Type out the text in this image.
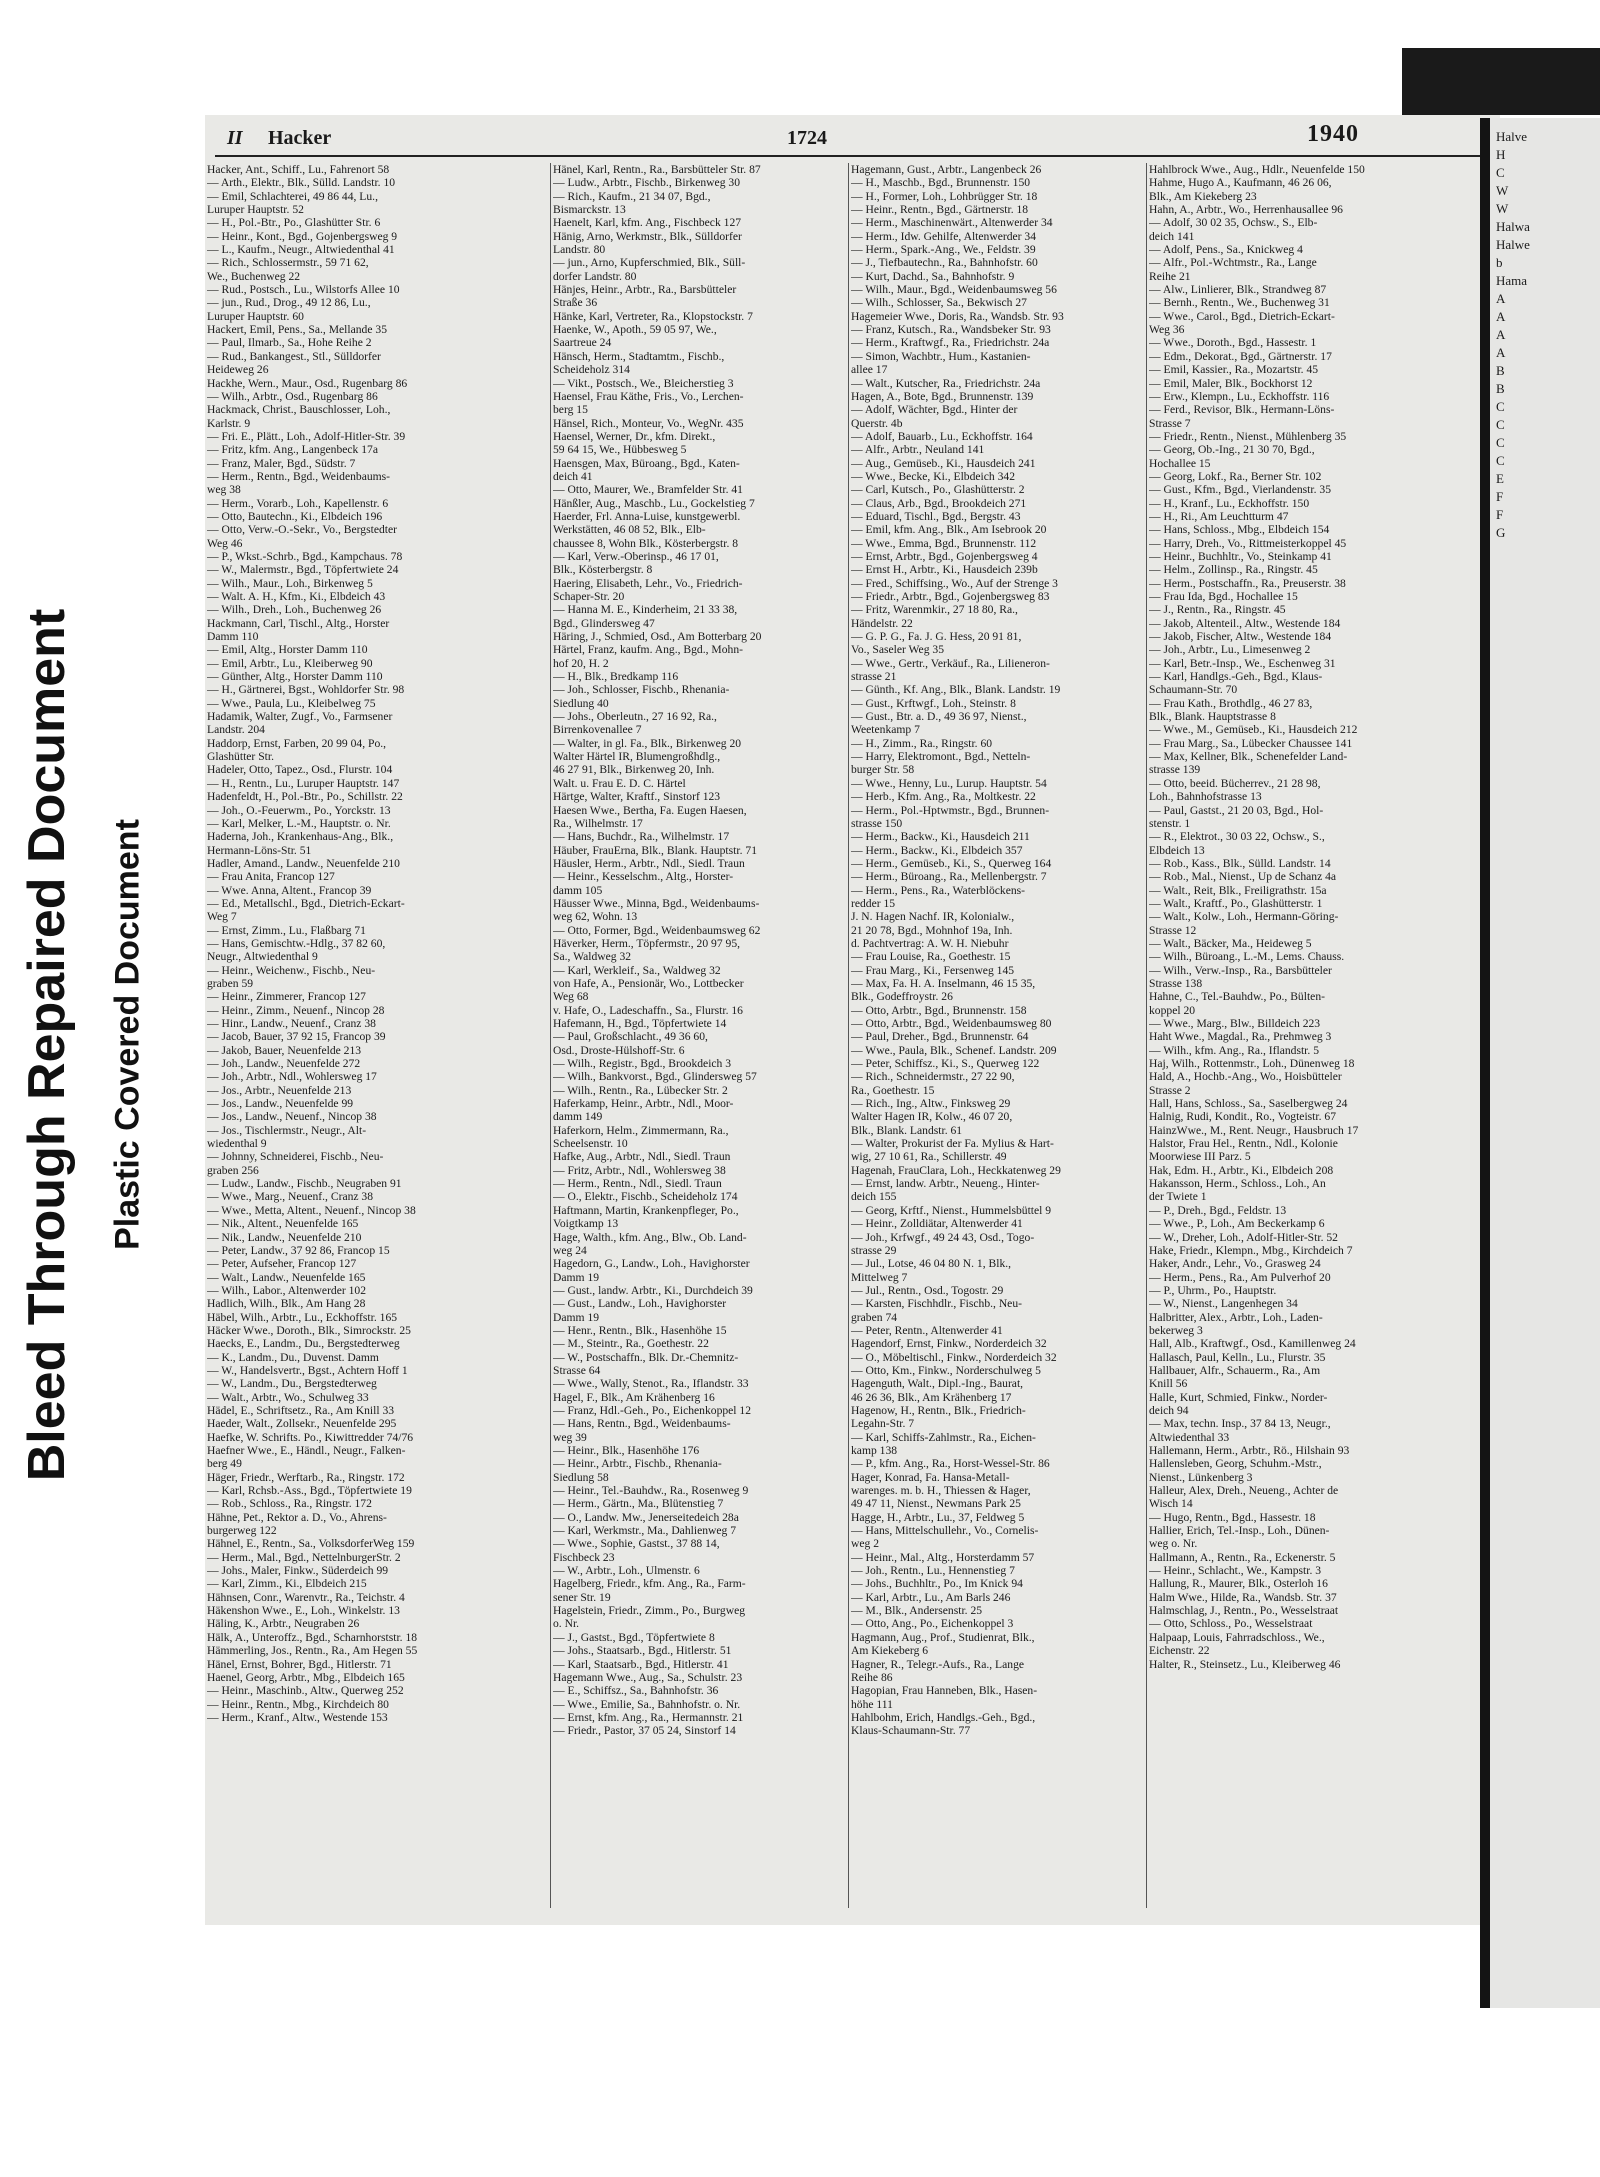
Bleed Through Repaired Document Plastic Covered Document
II Hacker	1724	1940
Hacker, Ant., Schiff., Lu., Fahrenort 58
— Arth., Elektr., Blk., Sülld. Landstr. 10
— Emil, Schlachterei, 49 86 44, Lu.,
Luruper Hauptstr. 52
— H., Pol.-Btr., Po., Glashütter Str. 6
— Heinr., Kont., Bgd., Gojenbergsweg 9
— L., Kaufm., Neugr., Altwiedenthal 41
— Rich., Schlossermstr., 59 71 62,
We., Buchenweg 22
— Rud., Postsch., Lu., Wilstorfs Allee 10
— jun., Rud., Drog., 49 12 86, Lu.,
Luruper Hauptstr. 60
Hackert, Emil, Pens., Sa., Mellande 35
— Paul, Ilmarb., Sa., Hohe Reihe 2
— Rud., Bankangest., Stl., Sülldorfer
Heideweg 26
Hackhe, Wern., Maur., Osd., Rugenbarg 86
— Wilh., Arbtr., Osd., Rugenbarg 86
Hackmack, Christ., Bauschlosser, Loh.,
Karlstr. 9
— Fri. E., Plätt., Loh., Adolf-Hitler-Str. 39
— Fritz, kfm. Ang., Langenbeck 17a
— Franz, Maler, Bgd., Südstr. 7
— Herm., Rentn., Bgd., Weidenbaums-
weg 38
— Herm., Vorarb., Loh., Kapellenstr. 6
— Otto, Bautechn., Ki., Elbdeich 196
— Otto, Verw.-O.-Sekr., Vo., Bergstedter
Weg 46
— P., Wkst.-Schrb., Bgd., Kampchaus. 78
— W., Malermstr., Bgd., Töpfertwiete 24
— Wilh., Maur., Loh., Birkenweg 5
— Walt. A. H., Kfm., Ki., Elbdeich 43
— Wilh., Dreh., Loh., Buchenweg 26
Hackmann, Carl, Tischl., Altg., Horster
Damm 110
— Emil, Altg., Horster Damm 110
— Emil, Arbtr., Lu., Kleiberweg 90
— Günther, Altg., Horster Damm 110
— H., Gärtnerei, Bgst., Wohldorfer Str. 98
— Wwe., Paula, Lu., Kleibelweg 75
Hadamik, Walter, Zugf., Vo., Farmsener
Landstr. 204
Haddorp, Ernst, Farben, 20 99 04, Po.,
Glashütter Str.
Hadeler, Otto, Tapez., Osd., Flurstr. 104
— H., Rentn., Lu., Luruper Hauptstr. 147
Hadenfeldt, H., Pol.-Btr., Po., Schillstr. 22
— Joh., O.-Feuerwm., Po., Yorckstr. 13
— Karl, Melker, L.-M., Hauptstr. o. Nr.
Haderna, Joh., Krankenhaus-Ang., Blk.,
Hermann-Löns-Str. 51
Hadler, Amand., Landw., Neuenfelde 210
— Frau Anita, Francop 127
— Wwe. Anna, Altent., Francop 39
— Ed., Metallschl., Bgd., Dietrich-Eckart-
Weg 7
— Ernst, Zimm., Lu., Flaßbarg 71
— Hans, Gemischtw.-Hdlg., 37 82 60,
Neugr., Altwiedenthal 9
— Heinr., Weichenw., Fischb., Neu-
graben 59
— Heinr., Zimmerer, Francop 127
— Heinr., Zimm., Neuenf., Nincop 28
— Hinr., Landw., Neuenf., Cranz 38
— Jacob, Bauer, 37 92 15, Francop 39
— Jakob, Bauer, Neuenfelde 213
— Joh., Landw., Neuenfelde 272
— Joh., Arbtr., Ndl., Wohlersweg 17
— Jos., Arbtr., Neuenfelde 213
— Jos., Landw., Neuenfelde 99
— Jos., Landw., Neuenf., Nincop 38
— Jos., Tischlermstr., Neugr., Alt-
wiedenthal 9
— Johnny, Schneiderei, Fischb., Neu-
graben 256
— Ludw., Landw., Fischb., Neugraben 91
— Wwe., Marg., Neuenf., Cranz 38
— Wwe., Metta, Altent., Neuenf., Nincop 38
— Nik., Altent., Neuenfelde 165
— Nik., Landw., Neuenfelde 210
— Peter, Landw., 37 92 86, Francop 15
— Peter, Aufseher, Francop 127
— Walt., Landw., Neuenfelde 165
— Wilh., Labor., Altenwerder 102
Hadlich, Wilh., Blk., Am Hang 28
Häbel, Wilh., Arbtr., Lu., Eckhoffstr. 165
Häcker Wwe., Doroth., Blk., Simrockstr. 25
Haecks, E., Landm., Du., Bergstedterweg
— K., Landm., Du., Duvenst. Damm
— W., Handelsvertr., Bgst., Achtern Hoff 1
— W., Landm., Du., Bergstedterweg
— Walt., Arbtr., Wo., Schulweg 33
Hädel, E., Schriftsetz., Ra., Am Knill 33
Haeder, Walt., Zollsekr., Neuenfelde 295
Haefke, W. Schrifts. Po., Kiwittredder 74/76
Haefner Wwe., E., Händl., Neugr., Falken-
berg 49
Häger, Friedr., Werftarb., Ra., Ringstr. 172
— Karl, Rchsb.-Ass., Bgd., Töpfertwiete 19
— Rob., Schloss., Ra., Ringstr. 172
Hähne, Pet., Rektor a. D., Vo., Ahrens-
burgerweg 122
Hähnel, E., Rentn., Sa., VolksdorferWeg 159
— Herm., Mal., Bgd., NettelnburgerStr. 2
— Johs., Maler, Finkw., Süderdeich 99
— Karl, Zimm., Ki., Elbdeich 215
Hähnsen, Conr., Warenvtr., Ra., Teichstr. 4
Häkenshon Wwe., E., Loh., Winkelstr. 13
Häling, K., Arbtr., Neugraben 26
Hälk, A., Unteroffz., Bgd., Scharnhorststr. 18
Hämmerling, Jos., Rentn., Ra., Am Hegen 55
Hänel, Ernst, Bohrer, Bgd., Hitlerstr. 71
Haenel, Georg, Arbtr., Mbg., Elbdeich 165
— Heinr., Maschinb., Altw., Querweg 252
— Heinr., Rentn., Mbg., Kirchdeich 80
— Herm., Kranf., Altw., Westende 153
Hänel, Karl, Rentn., Ra., Barsbütteler Str. 87
— Ludw., Arbtr., Fischb., Birkenweg 30
— Rich., Kaufm., 21 34 07, Bgd.,
Bismarckstr. 13
Haenelt, Karl, kfm. Ang., Fischbeck 127
Hänig, Arno, Werkmstr., Blk., Sülldorfer
Landstr. 80
— jun., Arno, Kupferschmied, Blk., Süll-
dorfer Landstr. 80
Hänjes, Heinr., Arbtr., Ra., Barsbütteler
Straße 36
Hänke, Karl, Vertreter, Ra., Klopstockstr. 7
Haenke, W., Apoth., 59 05 97, We.,
Saartreue 24
Hänsch, Herm., Stadtamtm., Fischb.,
Scheideholz 314
— Vikt., Postsch., We., Bleicherstieg 3
Haensel, Frau Käthe, Fris., Vo., Lerchen-
berg 15
Hänsel, Rich., Monteur, Vo., WegNr. 435
Haensel, Werner, Dr., kfm. Direkt.,
59 64 15, We., Hübbesweg 5
Haensgen, Max, Büroang., Bgd., Katen-
deich 41
— Otto, Maurer, We., Bramfelder Str. 41
Hänßler, Aug., Maschb., Lu., Gockelstieg 7
Haerder, Frl. Anna-Luise, kunstgewerbl.
Werkstätten, 46 08 52, Blk., Elb-
chaussee 8, Wohn Blk., Kösterbergstr. 8
— Karl, Verw.-Oberinsp., 46 17 01,
Blk., Kösterbergstr. 8
Haering, Elisabeth, Lehr., Vo., Friedrich-
Schaper-Str. 20
— Hanna M. E., Kinderheim, 21 33 38,
Bgd., Glindersweg 47
Häring, J., Schmied, Osd., Am Botterbarg 20
Härtel, Franz, kaufm. Ang., Bgd., Mohn-
hof 20, H. 2
— H., Blk., Bredkamp 116
— Joh., Schlosser, Fischb., Rhenania-
Siedlung 40
— Johs., Oberleutn., 27 16 92, Ra.,
Birrenkovenallee 7
— Walter, in gl. Fa., Blk., Birkenweg 20
Walter Härtel IR, Blumengroßhdlg.,
46 27 91, Blk., Birkenweg 20, Inh.
Walt. u. Frau E. D. C. Härtel
Härtge, Walter, Kraftf., Sinstorf 123
Haesen Wwe., Bertha, Fa. Eugen Haesen,
Ra., Wilhelmstr. 17
— Hans, Buchdr., Ra., Wilhelmstr. 17
Häuber, FrauErna, Blk., Blank. Hauptstr. 71
Häusler, Herm., Arbtr., Ndl., Siedl. Traun
— Heinr., Kesselschm., Altg., Horster-
damm 105
Häusser Wwe., Minna, Bgd., Weidenbaums-
weg 62, Wohn. 13
— Otto, Former, Bgd., Weidenbaumsweg 62
Häverker, Herm., Töpfermstr., 20 97 95,
Sa., Waldweg 32
— Karl, Werkleif., Sa., Waldweg 32
von Hafe, A., Pensionär, Wo., Lottbecker
Weg 68
v. Hafe, O., Ladeschaffn., Sa., Flurstr. 16
Hafemann, H., Bgd., Töpfertwiete 14
— Paul, Großschlacht., 49 36 60,
Osd., Droste-Hülshoff-Str. 6
— Wilh., Registr., Bgd., Brookdeich 3
— Wilh., Bankvorst., Bgd., Glindersweg 57
— Wilh., Rentn., Ra., Lübecker Str. 2
Haferkamp, Heinr., Arbtr., Ndl., Moor-
damm 149
Haferkorn, Helm., Zimmermann, Ra.,
Scheelsenstr. 10
Hafke, Aug., Arbtr., Ndl., Siedl. Traun
— Fritz, Arbtr., Ndl., Wohlersweg 38
— Herm., Rentn., Ndl., Siedl. Traun
— O., Elektr., Fischb., Scheideholz 174
Haftmann, Martin, Krankenpfleger, Po.,
Voigtkamp 13
Hage, Walth., kfm. Ang., Blw., Ob. Land-
weg 24
Hagedorn, G., Landw., Loh., Havighorster
Damm 19
— Gust., landw. Arbtr., Ki., Durchdeich 39
— Gust., Landw., Loh., Havighorster
Damm 19
— Henr., Rentn., Blk., Hasenhöhe 15
— M., Steintr., Ra., Goethestr. 22
— W., Postschaffn., Blk. Dr.-Chemnitz-
Strasse 64
— Wwe., Wally, Stenot., Ra., Iflandstr. 33
Hagel, F., Blk., Am Krähenberg 16
— Franz, Hdl.-Geh., Po., Eichenkoppel 12
— Hans, Rentn., Bgd., Weidenbaums-
weg 39
— Heinr., Blk., Hasenhöhe 176
— Heinr., Arbtr., Fischb., Rhenania-
Siedlung 58
— Heinr., Tel.-Bauhdw., Ra., Rosenweg 9
— Herm., Gärtn., Ma., Blütenstieg 7
— O., Landw. Mw., Jenerseitedeich 28a
— Karl, Werkmstr., Ma., Dahlienweg 7
— Wwe., Sophie, Gastst., 37 88 14,
Fischbeck 23
— W., Arbtr., Loh., Ulmenstr. 6
Hagelberg, Friedr., kfm. Ang., Ra., Farm-
sener Str. 19
Hagelstein, Friedr., Zimm., Po., Burgweg
o. Nr.
— J., Gastst., Bgd., Töpfertwiete 8
— Johs., Staatsarb., Bgd., Hitlerstr. 51
— Karl, Staatsarb., Bgd., Hitlerstr. 41
Hagemann Wwe., Aug., Sa., Schulstr. 23
— E., Schiffsz., Sa., Bahnhofstr. 36
— Wwe., Emilie, Sa., Bahnhofstr. o. Nr.
— Ernst, kfm. Ang., Ra., Hermannstr. 21
— Friedr., Pastor, 37 05 24, Sinstorf 14
Hagemann, Gust., Arbtr., Langenbeck 26
— H., Maschb., Bgd., Brunnenstr. 150
— H., Former, Loh., Lohbrügger Str. 18
— Heinr., Rentn., Bgd., Gärtnerstr. 18
— Herm., Maschinenwärt., Altenwerder 34
— Herm., Idw. Gehilfe, Altenwerder 34
— Herm., Spark.-Ang., We., Feldstr. 39
— J., Tiefbautechn., Ra., Bahnhofstr. 60
— Kurt, Dachd., Sa., Bahnhofstr. 9
— Wilh., Maur., Bgd., Weidenbaumsweg 56
— Wilh., Schlosser, Sa., Bekwisch 27
Hagemeier Wwe., Doris, Ra., Wandsb. Str. 93
— Franz, Kutsch., Ra., Wandsbeker Str. 93
— Herm., Kraftwgf., Ra., Friedrichstr. 24a
— Simon, Wachbtr., Hum., Kastanien-
allee 17
— Walt., Kutscher, Ra., Friedrichstr. 24a
Hagen, A., Bote, Bgd., Brunnenstr. 139
— Adolf, Wächter, Bgd., Hinter der
Querstr. 4b
— Adolf, Bauarb., Lu., Eckhoffstr. 164
— Alfr., Arbtr., Neuland 141
— Aug., Gemüseb., Ki., Hausdeich 241
— Wwe., Becke, Ki., Elbdeich 342
— Carl, Kutsch., Po., Glashütterstr. 2
— Claus, Arb., Bgd., Brookdeich 271
— Eduard, Tischl., Bgd., Bergstr. 43
— Emil, kfm. Ang., Blk., Am Isebrook 20
— Wwe., Emma, Bgd., Brunnenstr. 112
— Ernst, Arbtr., Bgd., Gojenbergsweg 4
— Ernst H., Arbtr., Ki., Hausdeich 239b
— Fred., Schiffsing., Wo., Auf der Strenge 3
— Friedr., Arbtr., Bgd., Gojenbergsweg 83
— Fritz, Warenmkir., 27 18 80, Ra.,
Händelstr. 22
— G. P. G., Fa. J. G. Hess, 20 91 81,
Vo., Saseler Weg 35
— Wwe., Gertr., Verkäuf., Ra., Lilieneron-
strasse 21
— Günth., Kf. Ang., Blk., Blank. Landstr. 19
— Gust., Krftwgf., Loh., Steinstr. 8
— Gust., Btr. a. D., 49 36 97, Nienst.,
Weetenkamp 7
— H., Zimm., Ra., Ringstr. 60
— Harry, Elektromont., Bgd., Netteln-
burger Str. 58
— Wwe., Henny, Lu., Lurup. Hauptstr. 54
— Herb., Kfm. Ang., Ra., Moltkestr. 22
— Herm., Pol.-Hptwmstr., Bgd., Brunnen-
strasse 150
— Herm., Backw., Ki., Hausdeich 211
— Herm., Backw., Ki., Elbdeich 357
— Herm., Gemüseb., Ki., S., Querweg 164
— Herm., Büroang., Ra., Mellenbergstr. 7
— Herm., Pens., Ra., Waterblöckens-
redder 15
J. N. Hagen Nachf. IR, Kolonialw.,
21 20 78, Bgd., Mohnhof 19a, Inh.
d. Pachtvertrag: A. W. H. Niebuhr
— Frau Louise, Ra., Goethestr. 15
— Frau Marg., Ki., Fersenweg 145
— Max, Fa. H. A. Inselmann, 46 15 35,
Blk., Godeffroystr. 26
— Otto, Arbtr., Bgd., Brunnenstr. 158
— Otto, Arbtr., Bgd., Weidenbaumsweg 80
— Paul, Dreher., Bgd., Brunnenstr. 64
— Wwe., Paula, Blk., Schenef. Landstr. 209
— Peter, Schiffsz., Ki., S., Querweg 122
— Rich., Schneidermstr., 27 22 90,
Ra., Goethestr. 15
— Rich., Ing., Altw., Finksweg 29
Walter Hagen IR, Kolw., 46 07 20,
Blk., Blank. Landstr. 61
— Walter, Prokurist der Fa. Mylius & Hart-
wig, 27 10 61, Ra., Schillerstr. 49
Hagenah, FrauClara, Loh., Heckkatenweg 29
— Ernst, landw. Arbtr., Neueng., Hinter-
deich 155
— Georg, Krftf., Nienst., Hummelsbüttel 9
— Heinr., Zolldiätar, Altenwerder 41
— Joh., Krfwgf., 49 24 43, Osd., Togo-
strasse 29
— Jul., Lotse, 46 04 80 N. 1, Blk.,
Mittelweg 7
— Jul., Rentn., Osd., Togostr. 29
— Karsten, Fischhdlr., Fischb., Neu-
graben 74
— Peter, Rentn., Altenwerder 41
Hagendorf, Ernst, Finkw., Norderdeich 32
— O., Möbeltischl., Finkw., Norderdeich 32
— Otto, Km., Finkw., Norderschulweg 5
Hagenguth, Walt., Dipl.-Ing., Baurat,
46 26 36, Blk., Am Krähenberg 17
Hagenow, H., Rentn., Blk., Friedrich-
Legahn-Str. 7
— Karl, Schiffs-Zahlmstr., Ra., Eichen-
kamp 138
— P., kfm. Ang., Ra., Horst-Wessel-Str. 86
Hager, Konrad, Fa. Hansa-Metall-
warenges. m. b. H., Thiessen & Hager,
49 47 11, Nienst., Newmans Park 25
Hagge, H., Arbtr., Lu., 37, Feldweg 5
— Hans, Mittelschullehr., Vo., Cornelis-
weg 2
— Heinr., Mal., Altg., Horsterdamm 57
— Joh., Rentn., Lu., Hennenstieg 7
— Johs., Buchhltr., Po., Im Knick 94
— Karl, Arbtr., Lu., Am Barls 246
— M., Blk., Andersenstr. 25
— Otto, Ang., Po., Eichenkoppel 3
Hagmann, Aug., Prof., Studienrat, Blk.,
Am Kiekeberg 6
Hagner, R., Telegr.-Aufs., Ra., Lange
Reihe 86
Hagopian, Frau Hanneben, Blk., Hasen-
höhe 111
Hahlbohm, Erich, Handlgs.-Geh., Bgd.,
Klaus-Schaumann-Str. 77
Hahlbrock Wwe., Aug., Hdlr., Neuenfelde 150
Hahme, Hugo A., Kaufmann, 46 26 06,
Blk., Am Kiekeberg 23
Hahn, A., Arbtr., Wo., Herrenhausallee 96
— Adolf, 30 02 35, Ochsw., S., Elb-
deich 141
— Adolf, Pens., Sa., Knickweg 4
— Alfr., Pol.-Wchtmstr., Ra., Lange
Reihe 21
— Alw., Linlierer, Blk., Strandweg 87
— Bernh., Rentn., We., Buchenweg 31
— Wwe., Carol., Bgd., Dietrich-Eckart-
Weg 36
— Wwe., Doroth., Bgd., Hassestr. 1
— Edm., Dekorat., Bgd., Gärtnerstr. 17
— Emil, Kassier., Ra., Mozartstr. 45
— Emil, Maler, Blk., Bockhorst 12
— Erw., Klempn., Lu., Eckhoffstr. 116
— Ferd., Revisor, Blk., Hermann-Löns-
Strasse 7
— Friedr., Rentn., Nienst., Mühlenberg 35
— Georg, Ob.-Ing., 21 30 70, Bgd.,
Hochallee 15
— Georg, Lokf., Ra., Berner Str. 102
— Gust., Kfm., Bgd., Vierlandenstr. 35
— H., Kranf., Lu., Eckhoffstr. 150
— H., Ri., Am Leuchtturm 47
— Hans, Schloss., Mbg., Elbdeich 154
— Harry, Dreh., Vo., Rittmeisterkoppel 45
— Heinr., Buchhltr., Vo., Steinkamp 41
— Helm., Zollinsp., Ra., Ringstr. 45
— Herm., Postschaffn., Ra., Preuserstr. 38
— Frau Ida, Bgd., Hochallee 15
— J., Rentn., Ra., Ringstr. 45
— Jakob, Altenteil., Altw., Westende 184
— Jakob, Fischer, Altw., Westende 184
— Joh., Arbtr., Lu., Limesenweg 2
— Karl, Betr.-Insp., We., Eschenweg 31
— Karl, Handlgs.-Geh., Bgd., Klaus-
Schaumann-Str. 70
— Frau Kath., Brothdlg., 46 27 83,
Blk., Blank. Hauptstrasse 8
— Wwe., M., Gemüseb., Ki., Hausdeich 212
— Frau Marg., Sa., Lübecker Chaussee 141
— Max, Kellner, Blk., Schenefelder Land-
strasse 139
— Otto, beeid. Bücherrev., 21 28 98,
Loh., Bahnhofstrasse 13
— Paul, Gastst., 21 20 03, Bgd., Hol-
stenstr. 1
— R., Elektrot., 30 03 22, Ochsw., S.,
Elbdeich 13
— Rob., Kass., Blk., Sülld. Landstr. 14
— Rob., Mal., Nienst., Up de Schanz 4a
— Walt., Reit, Blk., Freiligrathstr. 15a
— Walt., Kraftf., Po., Glashütterstr. 1
— Walt., Kolw., Loh., Hermann-Göring-
Strasse 12
— Walt., Bäcker, Ma., Heideweg 5
— Wilh., Büroang., L.-M., Lems. Chauss.
— Wilh., Verw.-Insp., Ra., Barsbütteler
Strasse 138
Hahne, C., Tel.-Bauhdw., Po., Bülten-
koppel 20
— Wwe., Marg., Blw., Billdeich 223
Haht Wwe., Magdal., Ra., Prehmweg 3
— Wilh., kfm. Ang., Ra., Iflandstr. 5
Haj, Wilh., Rottenmstr., Loh., Dünenweg 18
Hald, A., Hochb.-Ang., Wo., Hoisbütteler
Strasse 2
Hall, Hans, Schloss., Sa., Saselbergweg 24
Halnig, Rudi, Kondit., Ro., Vogteistr. 67
HainzWwe., M., Rent. Neugr., Hausbruch 17
Halstor, Frau Hel., Rentn., Ndl., Kolonie
Moorwiese III Parz. 5
Hak, Edm. H., Arbtr., Ki., Elbdeich 208
Hakansson, Herm., Schloss., Loh., An
der Twiete 1
— P., Dreh., Bgd., Feldstr. 13
— Wwe., P., Loh., Am Beckerkamp 6
— W., Dreher, Loh., Adolf-Hitler-Str. 52
Hake, Friedr., Klempn., Mbg., Kirchdeich 7
Haker, Andr., Lehr., Vo., Grasweg 24
— Herm., Pens., Ra., Am Pulverhof 20
— P., Uhrm., Po., Hauptstr.
— W., Nienst., Langenhegen 34
Halbritter, Alex., Arbtr., Loh., Laden-
bekerweg 3
Hall, Alb., Kraftwgf., Osd., Kamillenweg 24
Hallasch, Paul, Kelln., Lu., Flurstr. 35
Hallbauer, Alfr., Schauerm., Ra., Am
Knill 56
Halle, Kurt, Schmied, Finkw., Norder-
deich 94
— Max, techn. Insp., 37 84 13, Neugr.,
Altwiedenthal 33
Hallemann, Herm., Arbtr., Rö., Hilshain 93
Hallensleben, Georg, Schuhm.-Mstr.,
Nienst., Lünkenberg 3
Halleur, Alex, Dreh., Neueng., Achter de
Wisch 14
— Hugo, Rentn., Bgd., Hassestr. 18
Hallier, Erich, Tel.-Insp., Loh., Dünen-
weg o. Nr.
Hallmann, A., Rentn., Ra., Eckenerstr. 5
— Heinr., Schlacht., We., Kampstr. 3
Hallung, R., Maurer, Blk., Osterloh 16
Halm Wwe., Hilde, Ra., Wandsb. Str. 37
Halmschlag, J., Rentn., Po., Wesselstraat
— Otto, Schloss., Po., Wesselstraat
Halpaap, Louis, Fahrradschloss., We.,
Eichenstr. 22
Halter, R., Steinsetz., Lu., Kleiberweg 46
Halve
H
C
W
W
Halwa
Halwe
b
Hama
A
A
A
A
B
B
C
C
C
C
E
F
F
G
